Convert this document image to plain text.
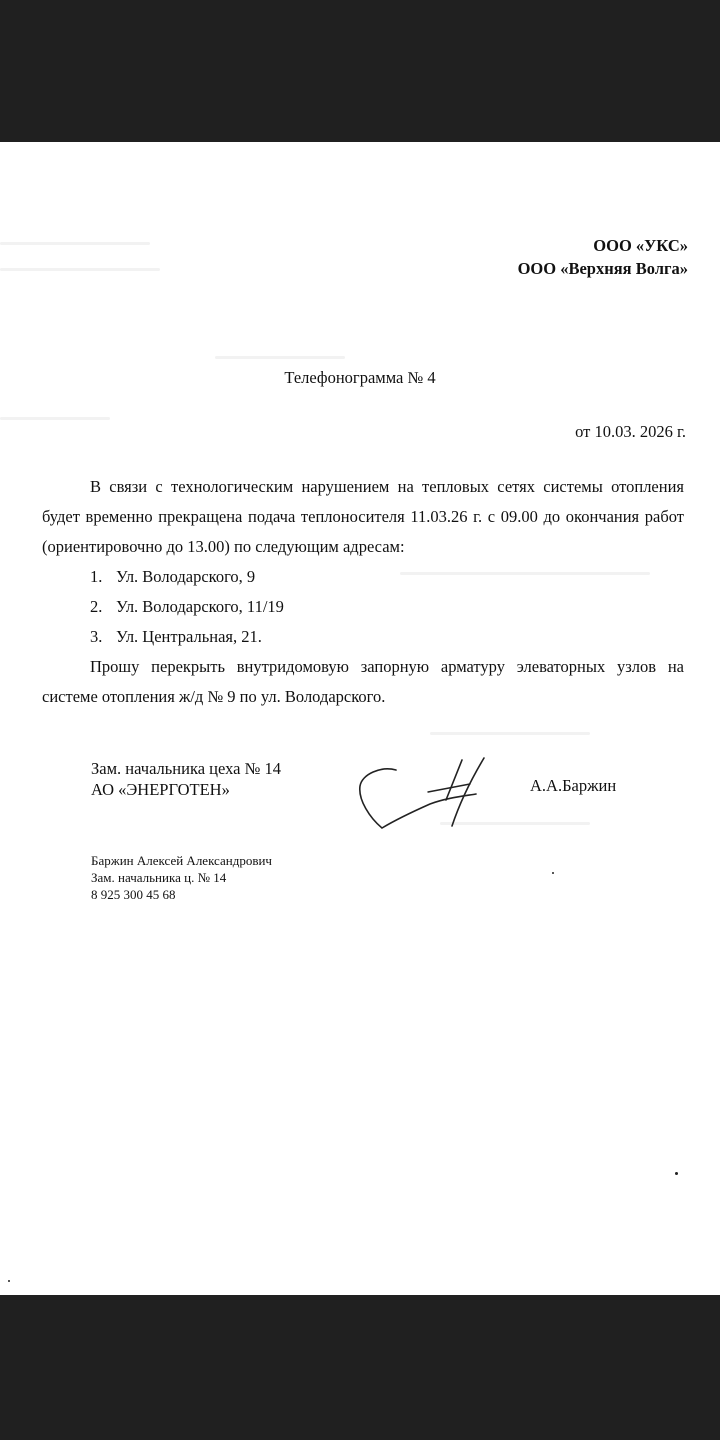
ООО «УКС»
ООО «Верхняя Волга»
Телефонограмма № 4
от 10.03. 2026 г.

В связи с технологическим нарушением на тепловых сетях системы отопления будет временно прекращена подача теплоносителя 11.03.26 г. с 09.00 до окончания работ (ориентировочно до 13.00) по следующим адресам:

1. Ул. Володарского, 9
2. Ул. Володарского, 11/19
3. Ул. Центральная, 21.

Прошу перекрыть внутридомовую запорную арматуру элеваторных узлов на системе отопления ж/д № 9 по ул. Володарского.

Зам. начальника цеха № 14
АО «ЭНЕРГОТЕН»	А.А.Баржин
Баржин Алексей Александрович
Зам. начальника ц. № 14
8 925 300 45 68
